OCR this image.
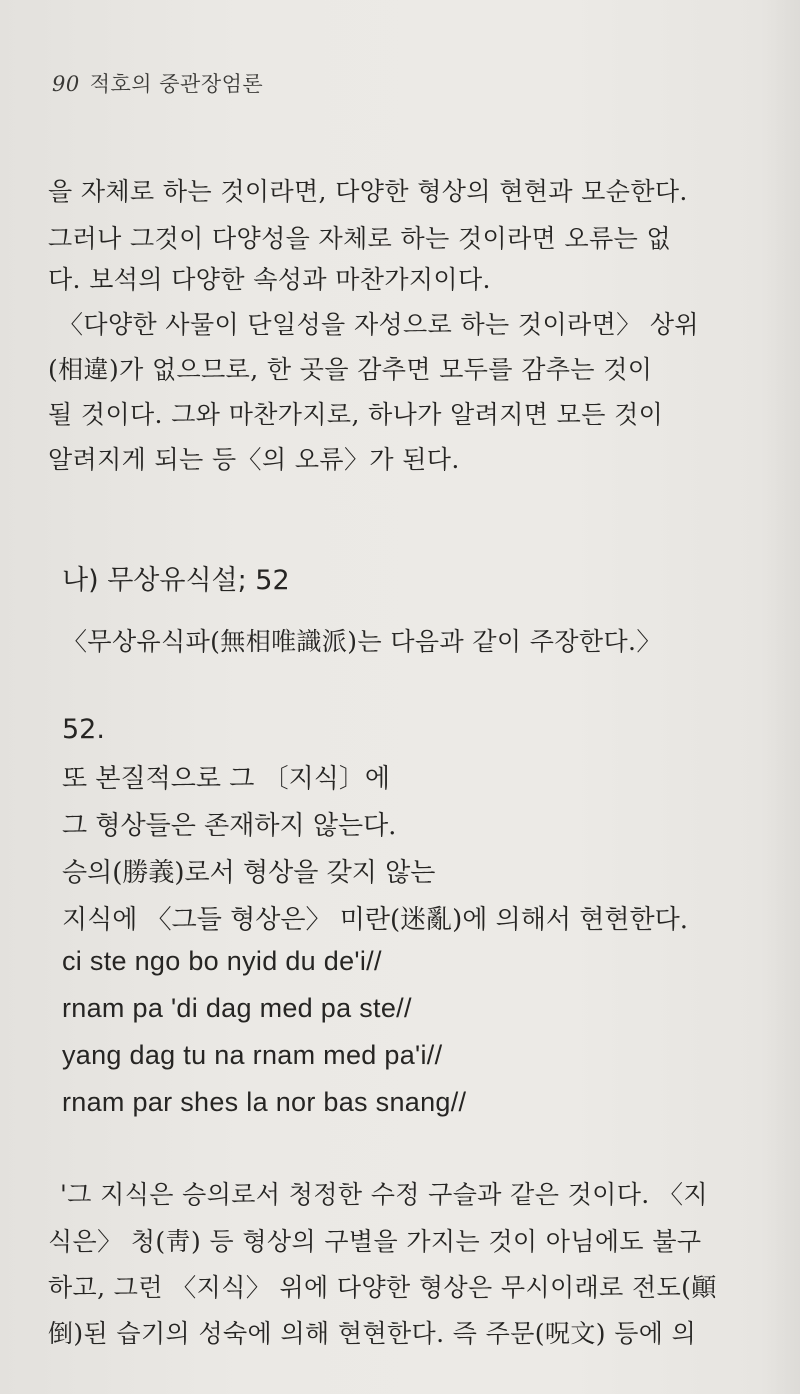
90 적호의 중관장엄론
을 자체로 하는 것이라면, 다양한 형상의 현현과 모순한다.
그러나 그것이 다양성을 자체로 하는 것이라면 오류는 없
다. 보석의 다양한 속성과 마찬가지이다.
〈다양한 사물이 단일성을 자성으로 하는 것이라면〉 상위
(相違)가 없으므로, 한 곳을 감추면 모두를 감추는 것이
될 것이다. 그와 마찬가지로, 하나가 알려지면 모든 것이
알려지게 되는 등〈의 오류〉가 된다.
나) 무상유식설; 52
〈무상유식파(無相唯識派)는 다음과 같이 주장한다.〉
52.
또 본질적으로 그 〔지식〕에
그 형상들은 존재하지 않는다.
승의(勝義)로서 형상을 갖지 않는
지식에 〈그들 형상은〉 미란(迷亂)에 의해서 현현한다.
ci ste ngo bo nyid du de'i//
rnam pa 'di dag med pa ste//
yang dag tu na rnam med pa'i//
rnam par shes la nor bas snang//
'그 지식은 승의로서 청정한 수정 구슬과 같은 것이다. 〈지
식은〉 청(靑) 등 형상의 구별을 가지는 것이 아님에도 불구
하고, 그런 〈지식〉 위에 다양한 형상은 무시이래로 전도(顚
倒)된 습기의 성숙에 의해 현현한다. 즉 주문(呪文) 등에 의
